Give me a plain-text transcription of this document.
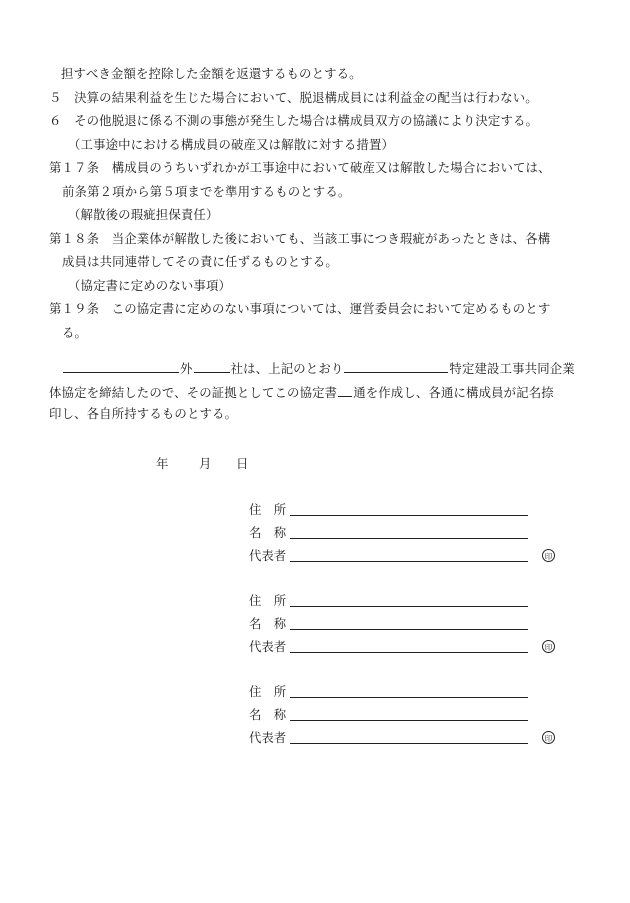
担すべき金額を控除した金額を返還するものとする。
５　決算の結果利益を生じた場合において、脱退構成員には利益金の配当は行わない。
６　その他脱退に係る不測の事態が発生した場合は構成員双方の協議により決定する。
（工事途中における構成員の破産又は解散に対する措置）
第１７条　構成員のうちいずれかが工事途中において破産又は解散した場合においては、
前条第２項から第５項までを準用するものとする。
（解散後の瑕疵担保責任）
第１８条　当企業体が解散した後においても、当該工事につき瑕疵があったときは、各構
成員は共同連帯してその責に任ずるものとする。
（協定書に定めのない事項）
第１９条　この協定書に定めのない事項については、運営委員会において定めるものとす
る。
外	社は、上記のとおり	特定建設工事共同企業
体協定を締結したので、その証拠としてこの協定書 通を作成し、各通に構成員が記名捺
印し、各自所持するものとする。
年 月 日
住　所
名　称
代表者	印
住　所
名　称
代表者	印
住　所
名　称
代表者	印
